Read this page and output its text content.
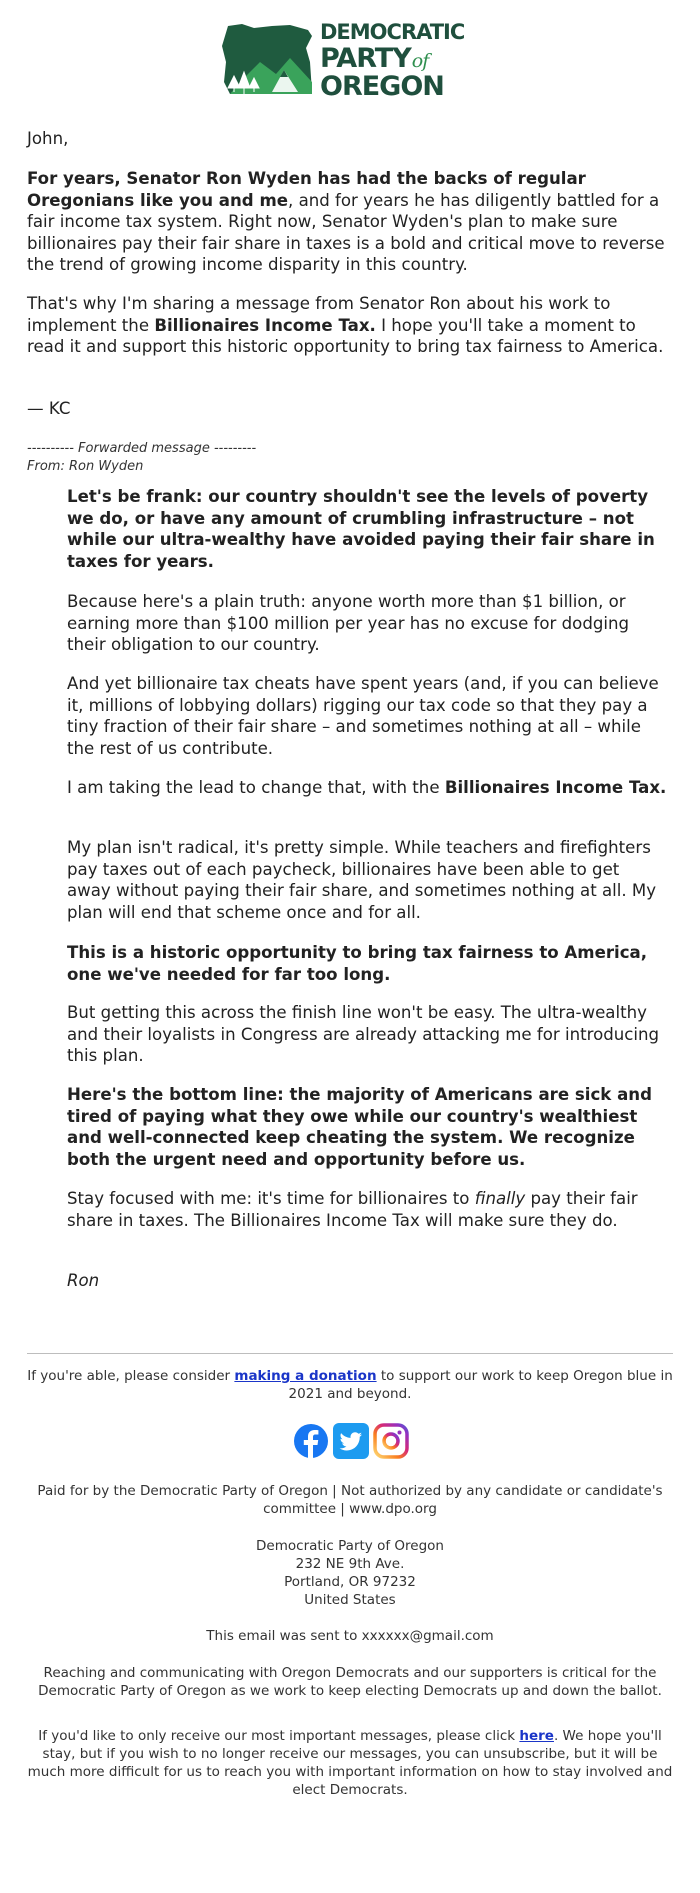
DEMOCRATIC
PARTYof
OREGON

John,

For years, Senator Ron Wyden has had the backs of regular Oregonians like you and me, and for years he has diligently battled for a fair income tax system. Right now, Senator Wyden's plan to make sure billionaires pay their fair share in taxes is a bold and critical move to reverse the trend of growing income disparity in this country.

That's why I'm sharing a message from Senator Ron about his work to implement the Billionaires Income Tax. I hope you'll take a moment to read it and support this historic opportunity to bring tax fairness to America.

— KC

---------- Forwarded message ---------
From: Ron Wyden

Let's be frank: our country shouldn't see the levels of poverty we do, or have any amount of crumbling infrastructure – not while our ultra-wealthy have avoided paying their fair share in taxes for years.

Because here's a plain truth: anyone worth more than $1 billion, or earning more than $100 million per year has no excuse for dodging their obligation to our country.

And yet billionaire tax cheats have spent years (and, if you can believe it, millions of lobbying dollars) rigging our tax code so that they pay a tiny fraction of their fair share – and sometimes nothing at all – while the rest of us contribute.

I am taking the lead to change that, with the Billionaires Income Tax.

My plan isn't radical, it's pretty simple. While teachers and firefighters pay taxes out of each paycheck, billionaires have been able to get away without paying their fair share, and sometimes nothing at all. My plan will end that scheme once and for all.

This is a historic opportunity to bring tax fairness to America, one we've needed for far too long.

But getting this across the finish line won't be easy. The ultra-wealthy and their loyalists in Congress are already attacking me for introducing this plan.

Here's the bottom line: the majority of Americans are sick and tired of paying what they owe while our country's wealthiest and well-connected keep cheating the system. We recognize both the urgent need and opportunity before us.

Stay focused with me: it's time for billionaires to finally pay their fair share in taxes. The Billionaires Income Tax will make sure they do.

Ron

If you're able, please consider making a donation to support our work to keep Oregon blue in 2021 and beyond.
Paid for by the Democratic Party of Oregon | Not authorized by any candidate or candidate's committee | www.dpo.org
Democratic Party of Oregon
232 NE 9th Ave.
Portland, OR 97232
United States
This email was sent to xxxxxx@gmail.com
Reaching and communicating with Oregon Democrats and our supporters is critical for the Democratic Party of Oregon as we work to keep electing Democrats up and down the ballot.
If you'd like to only receive our most important messages, please click here. We hope you'll stay, but if you wish to no longer receive our messages, you can unsubscribe, but it will be much more difficult for us to reach you with important information on how to stay involved and elect Democrats.
